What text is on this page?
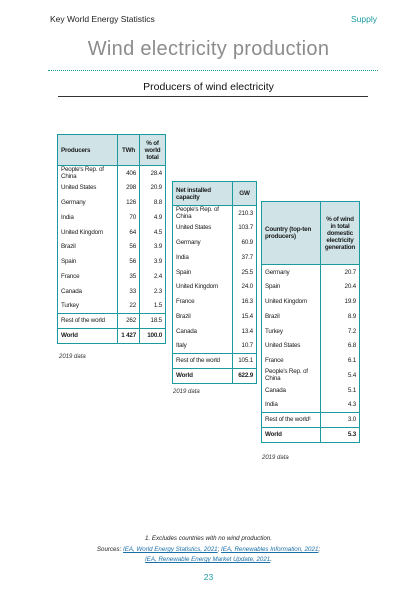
Key World Energy Statistics	Supply
Wind electricity production
Producers of wind electricity
Producers	TWh	% of world total
People's Rep. of China	406	28.4
United States	298	20.9
Germany	126	8.8
India	70	4.9
United Kingdom	64	4.5
Brazil	56	3.9
Spain	56	3.9
France	35	2.4
Canada	33	2.3
Turkey	22	1.5
Rest of the world	262	18.5
World	1 427	100.0
2019 data
Net installed capacity	GW
People's Rep. of China	210.3
United States	103.7
Germany	60.9
India	37.7
Spain	25.5
United Kingdom	24.0
France	16.3
Brazil	15.4
Canada	13.4
Italy	10.7
Rest of the world	105.1
World	622.9
2019 data
Country (top-ten producers)	% of wind in total domestic electricity generation
Germany	20.7
Spain	20.4
United Kingdom	19.9
Brazil	8.9
Turkey	7.2
United States	6.8
France	6.1
People's Rep. of China	5.4
Canada	5.1
India	4.3
Rest of the world¹	3.0
World	5.3
2019 data
1. Excludes countries with no wind production.
Sources: IEA, World Energy Statistics, 2021; IEA, Renewables Information, 2021;
IEA, Renewable Energy Market Update, 2021.
23
